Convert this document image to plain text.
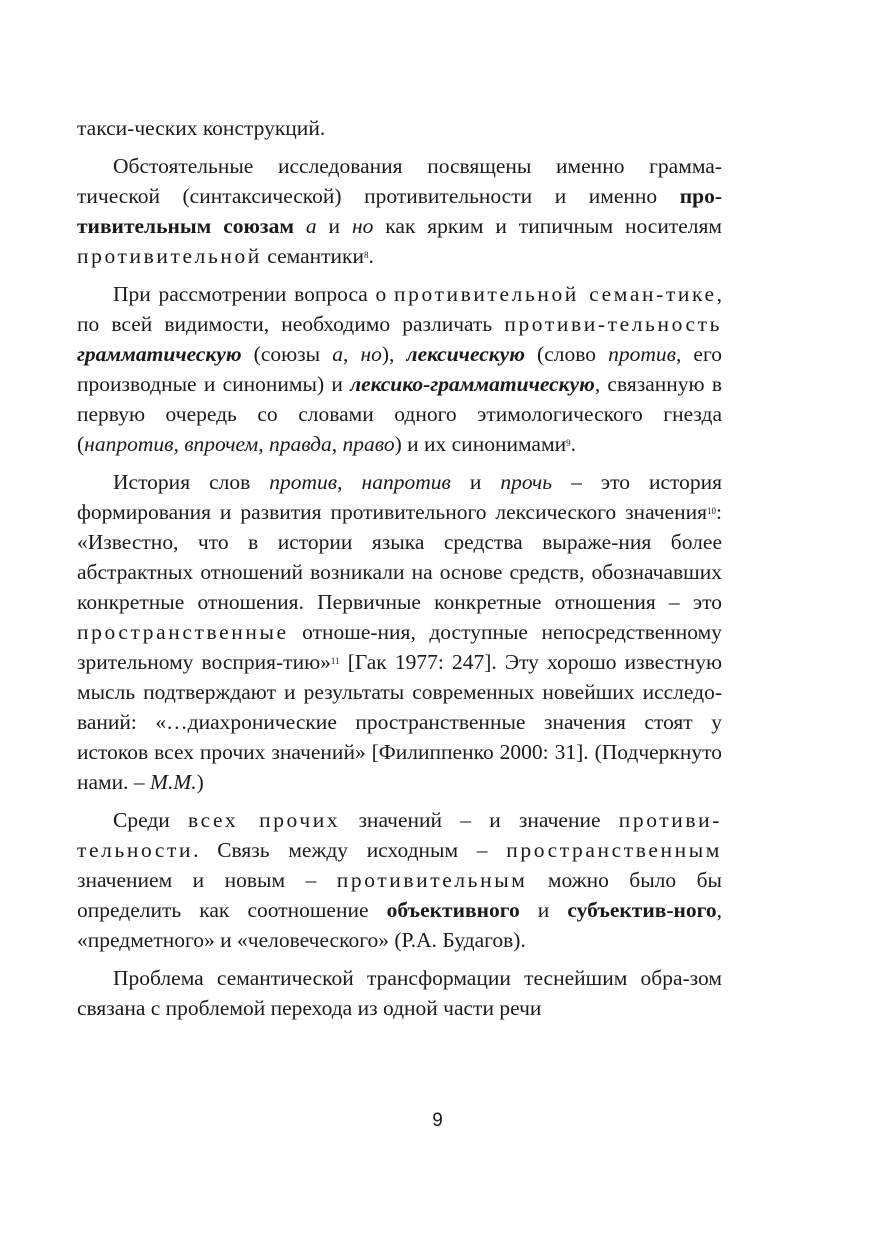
такси-ческих конструкций.

Обстоятельные исследования посвящены именно грамма-тической (синтаксической) противительности и именно про-тивительным союзам а и но как ярким и типичным носителям противительной семантики$^8$.

При рассмотрении вопроса о противительной семан-тике, по всей видимости, необходимо различать противи-тельность грамматическую (союзы а, но), лексическую (слово против, его производные и синонимы) и лексико-грамматическую, связанную в первую очередь со словами одного этимологического гнезда (напротив, впрочем, правда, право) и их синонимами$^9$.

История слов против, напротив и прочь – это история формирования и развития противительного лексического значения$^{10}$: «Известно, что в истории языка средства выраже-ния более абстрактных отношений возникали на основе средств, обозначавших конкретные отношения. Первичные конкретные отношения – это пространственные отноше-ния, доступные непосредственному зрительному восприя-тию»$^{11}$ [Гак 1977: 247]. Эту хорошо известную мысль подтверждают и результаты современных новейших исследо-ваний: «…диахронические пространственные значения стоят у истоков всех прочих значений» [Филиппенко 2000: 31]. (Подчеркнуто нами. – М.М.)

Среди всех прочих значений – и значение противи-тельности. Связь между исходным – пространственным значением и новым – противительным можно было бы определить как соотношение объективного и субъектив-ного, «предметного» и «человеческого» (Р.А. Будагов).

Проблема семантической трансформации теснейшим обра-зом связана с проблемой перехода из одной части речи

9
